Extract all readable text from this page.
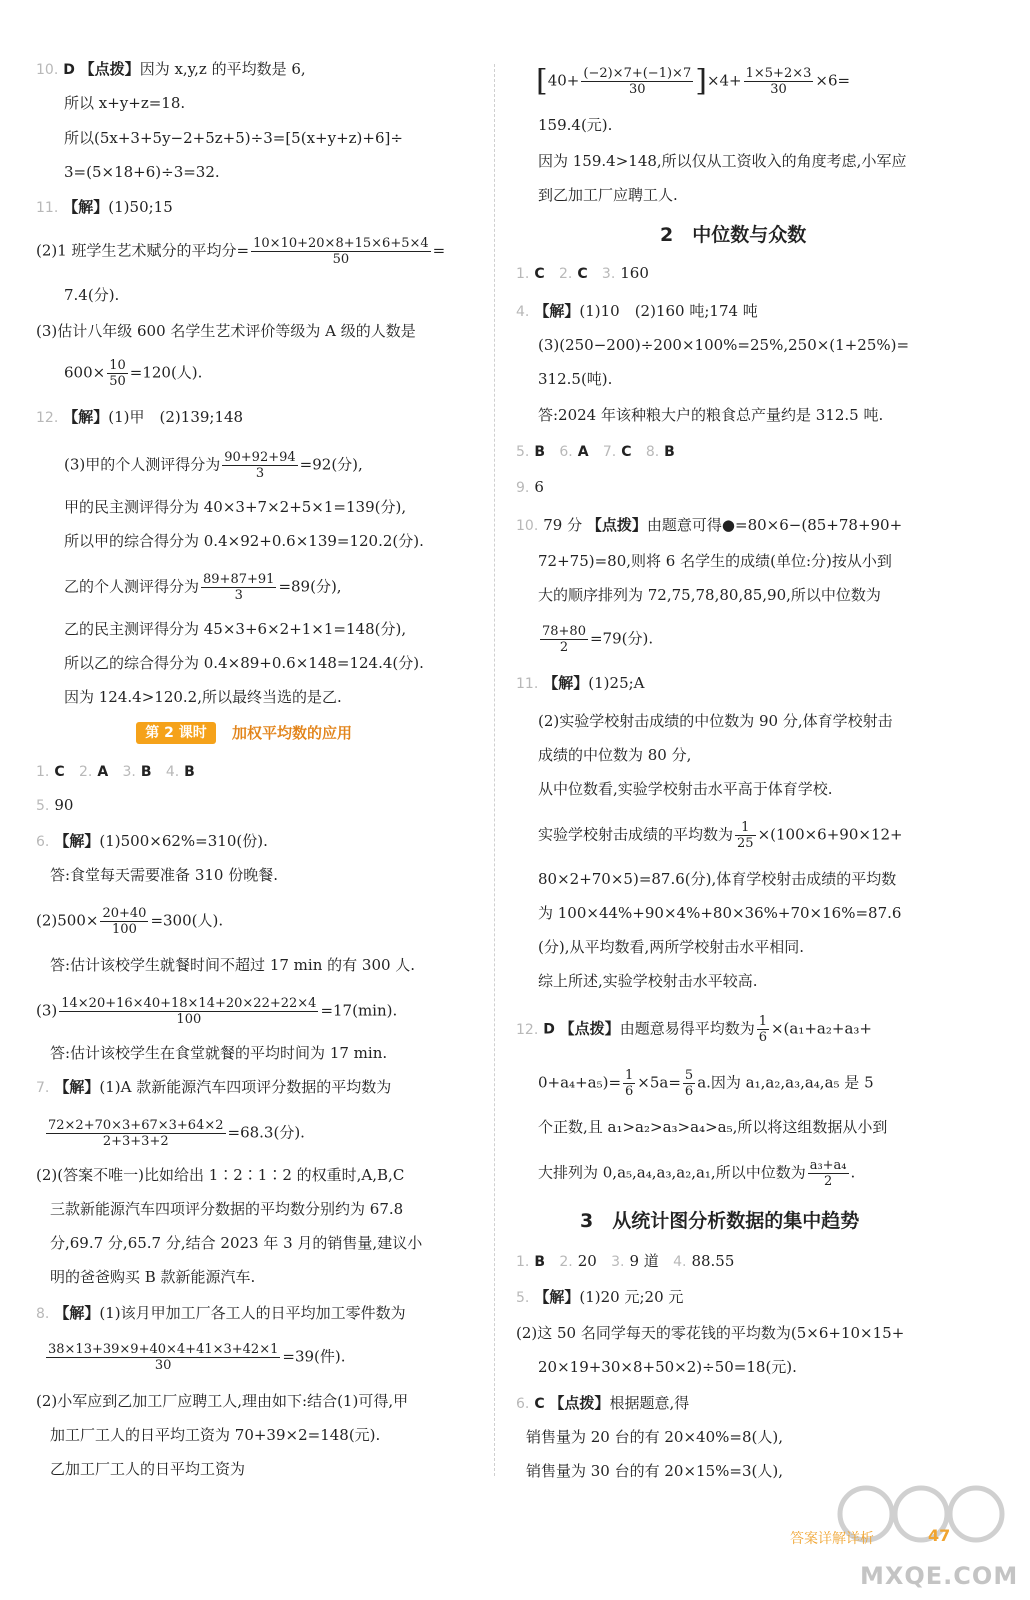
10. D 【点拨】因为 x,y,z 的平均数是 6,
所以 x+y+z=18.
所以(5x+3+5y−2+5z+5)÷3=[5(x+y+z)+6]÷
3=(5×18+6)÷3=32.
11. 【解】(1)50;15
(2)1 班学生艺术赋分的平均分= $\frac{10\times 10+20\times 8+15\times 6+5\times 4}{50}$ =
7.4(分).
(3)估计八年级 600 名学生艺术评价等级为 A 级的人数是
$600\times \frac{10}{50} =120$(人).
12. 【解】(1)甲　(2)139;148
(3)甲的个人测评得分为 $\frac{90+92+94}{3} =92$(分),
甲的民主测评得分为 40×3+7×2+5×1=139(分),
所以甲的综合得分为 0.4×92+0.6×139=120.2(分).
乙的个人测评得分为 $\frac{89+87+91}{3} =89$(分),
乙的民主测评得分为 45×3+6×2+1×1=148(分),
所以乙的综合得分为 0.4×89+0.6×148=124.4(分).
因为 124.4>120.2,所以最终当选的是乙.
第 2 课时	加权平均数的应用
1. C 2. A 3. B 4. B
5. 90
6. 【解】(1)500×62%=310(份).
答:食堂每天需要准备 310 份晚餐.
$(2)500\times \frac{20+40}{100} =300$(人).
答:估计该校学生就餐时间不超过 17 min 的有 300 人.
$(3) \frac{14\times 20+16\times 40+18\times 14+20\times 22+22\times 4}{100} =17(\min)$.
答:估计该校学生在食堂就餐的平均时间为 17 min.
7. 【解】(1)A 款新能源汽车四项评分数据的平均数为
$\frac{72\times 2+70\times 3+67\times 3+64\times 2}{2+3+3+2} =68.3$(分).
(2)(答案不唯一)比如给出 1∶2∶1∶2 的权重时,A,B,C
三款新能源汽车四项评分数据的平均数分别约为 67.8
分,69.7 分,65.7 分,结合 2023 年 3 月的销售量,建议小
明的爸爸购买 B 款新能源汽车.
8. 【解】(1)该月甲加工厂各工人的日平均加工零件数为
$\frac{38\times 13+39\times 9+40\times 4+41\times 3+42\times 1}{30} =39$(件).
(2)小军应到乙加工厂应聘工人,理由如下:结合(1)可得,甲
加工厂工人的日平均工资为 70+39×2=148(元).
乙加工厂工人的日平均工资为
$[40+ \frac{(-2)\times 7+(-1)\times 7}{30} ]\times 4+ \frac{1\times 5+2\times 3}{30} \times 6=$
159.4(元).
因为 159.4>148,所以仅从工资收入的角度考虑,小军应
到乙加工厂应聘工人.
2　中位数与众数
1. C 2. C 3. 160
4. 【解】(1)10　(2)160 吨;174 吨
(3)(250−200)÷200×100%=25%,250×(1+25%)=
312.5(吨).
答:2024 年该种粮大户的粮食总产量约是 312.5 吨.
5. B 6. A 7. C 8. B
9. 6
10. 79 分 【点拨】由题意可得●=80×6−(85+78+90+
72+75)=80,则将 6 名学生的成绩(单位:分)按从小到
大的顺序排列为 72,75,78,80,85,90,所以中位数为
$\frac{78+80}{2} =79$(分).
11. 【解】(1)25;A
(2)实验学校射击成绩的中位数为 90 分,体育学校射击
成绩的中位数为 80 分,
从中位数看,实验学校射击水平高于体育学校.
实验学校射击成绩的平均数为 $\frac{1}{25} \times(100\times 6+90\times 12+$
80×2+70×5)=87.6(分),体育学校射击成绩的平均数
为 100×44%+90×4%+80×36%+70×16%=87.6
(分),从平均数看,两所学校射击水平相同.
综上所述,实验学校射击水平较高.
12. D 【点拨】由题意易得平均数为 $\frac{1}{6} \times(a_1+a_2+a_3+$
$0+a_4+a_5)= \frac{1}{6} \times 5a= \frac{5}{6} a$.因为 a₁,a₂,a₃,a₄,a₅ 是 5
个正数,且 a₁>a₂>a₃>a₄>a₅,所以将这组数据从小到
大排列为 0,a₅,a₄,a₃,a₂,a₁,所以中位数为 $\frac{\text{a₃+a₄}}{2}$ .
3　从统计图分析数据的集中趋势
1. B 2. 20 3. 9 道 4. 88.55
5. 【解】(1)20 元;20 元
(2)这 50 名同学每天的零花钱的平均数为(5×6+10×15+
20×19+30×8+50×2)÷50=18(元).
6. C 【点拨】根据题意,得
销售量为 20 台的有 20×40%=8(人),
销售量为 30 台的有 20×15%=3(人),
答案详解详析	47
MXQE.COM
